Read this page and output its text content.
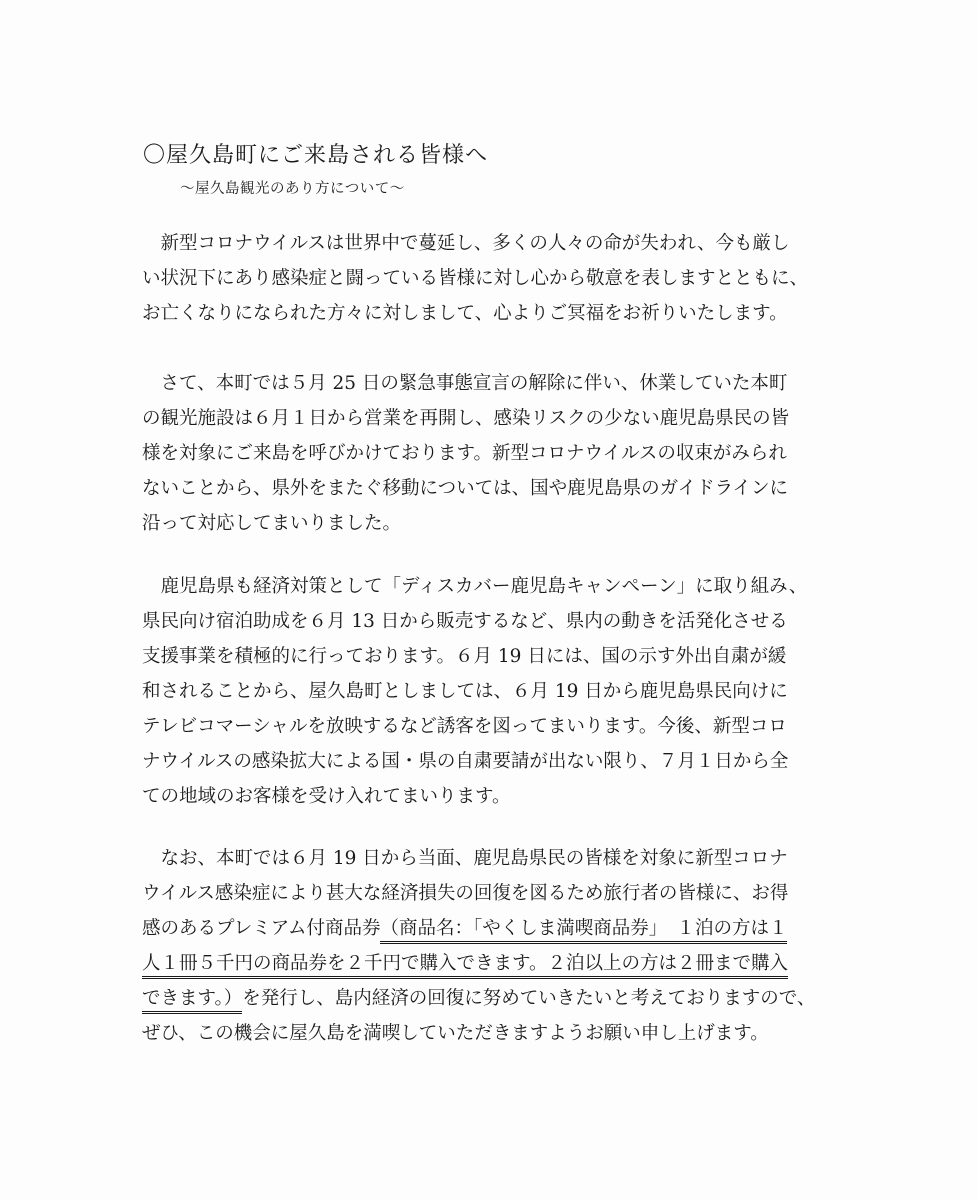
〇屋久島町にご来島される皆様へ
～屋久島観光のあり方について～
　新型コロナウイルスは世界中で蔓延し、多くの人々の命が失われ、今も厳し
い状況下にあり感染症と闘っている皆様に対し心から敬意を表しますとともに、
お亡くなりになられた方々に対しまして、心よりご冥福をお祈りいたします。
　さて、本町では５月 25 日の緊急事態宣言の解除に伴い、休業していた本町
の観光施設は６月１日から営業を再開し、感染リスクの少ない鹿児島県民の皆
様を対象にご来島を呼びかけております。新型コロナウイルスの収束がみられ
ないことから、県外をまたぐ移動については、国や鹿児島県のガイドラインに
沿って対応してまいりました。
　鹿児島県も経済対策として「ディスカバー鹿児島キャンペーン」に取り組み、
県民向け宿泊助成を６月 13 日から販売するなど、県内の動きを活発化させる
支援事業を積極的に行っております。６月 19 日には、国の示す外出自粛が緩
和されることから、屋久島町としましては、６月 19 日から鹿児島県民向けに
テレビコマーシャルを放映するなど誘客を図ってまいります。今後、新型コロ
ナウイルスの感染拡大による国・県の自粛要請が出ない限り、７月１日から全
ての地域のお客様を受け入れてまいります。
　なお、本町では６月 19 日から当面、鹿児島県民の皆様を対象に新型コロナ
ウイルス感染症により甚大な経済損失の回復を図るため旅行者の皆様に、お得
感のあるプレミアム付商品券（商品名：「やくしま満喫商品券」　１泊の方は１
人１冊５千円の商品券を２千円で購入できます。２泊以上の方は２冊まで購入
できます。）を発行し、島内経済の回復に努めていきたいと考えておりますので、
ぜひ、この機会に屋久島を満喫していただきますようお願い申し上げます。
